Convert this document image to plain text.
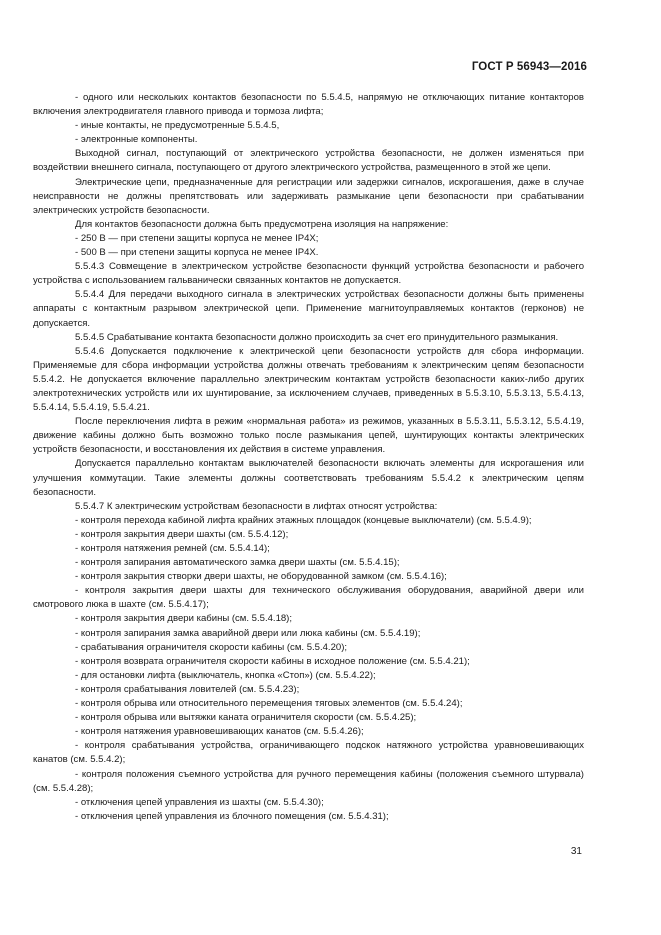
ГОСТ Р 56943—2016

- одного или нескольких контактов безопасности по 5.5.4.5, напрямую не отключающих питание контакторов включения электродвигателя главного привода и тормоза лифта;

- иные контакты, не предусмотренные 5.5.4.5,

- электронные компоненты.

Выходной сигнал, поступающий от электрического устройства безопасности, не должен изменяться при воздействии внешнего сигнала, поступающего от другого электрического устройства, размещенного в этой же цепи.

Электрические цепи, предназначенные для регистрации или задержки сигналов, искрогашения, даже в случае неисправности не должны препятствовать или задерживать размыкание цепи безопасности при срабатывании электрических устройств безопасности.

Для контактов безопасности должна быть предусмотрена изоляция на напряжение:

- 250 В — при степени защиты корпуса не менее IP4X;

- 500 В — при степени защиты корпуса не менее IP4X.

5.5.4.3 Совмещение в электрическом устройстве безопасности функций устройства безопасности и рабочего устройства с использованием гальванически связанных контактов не допускается.

5.5.4.4 Для передачи выходного сигнала в электрических устройствах безопасности должны быть применены аппараты с контактным разрывом электрической цепи. Применение магнитоуправляемых контактов (герконов) не допускается.

5.5.4.5 Срабатывание контакта безопасности должно происходить за счет его принудительного размыкания.

5.5.4.6 Допускается подключение к электрической цепи безопасности устройств для сбора информации. Применяемые для сбора информации устройства должны отвечать требованиям к электрическим цепям безопасности 5.5.4.2. Не допускается включение параллельно электрическим контактам устройств безопасности каких-либо других электротехнических устройств или их шунтирование, за исключением случаев, приведенных в 5.5.3.10, 5.5.3.13, 5.5.4.13, 5.5.4.14, 5.5.4.19, 5.5.4.21.

После переключения лифта в режим «нормальная работа» из режимов, указанных в 5.5.3.11, 5.5.3.12, 5.5.4.19, движение кабины должно быть возможно только после размыкания цепей, шунтирующих контакты электрических устройств безопасности, и восстановления их действия в системе управления.

Допускается параллельно контактам выключателей безопасности включать элементы для искрогашения или улучшения коммутации. Такие элементы должны соответствовать требованиям 5.5.4.2 к электрическим цепям безопасности.

5.5.4.7 К электрическим устройствам безопасности в лифтах относят устройства:

- контроля перехода кабиной лифта крайних этажных площадок (концевые выключатели) (см. 5.5.4.9);

- контроля закрытия двери шахты (см. 5.5.4.12);

- контроля натяжения ремней (см. 5.5.4.14);

- контроля запирания автоматического замка двери шахты (см. 5.5.4.15);

- контроля закрытия створки двери шахты, не оборудованной замком (см. 5.5.4.16);

- контроля закрытия двери шахты для технического обслуживания оборудования, аварийной двери или смотрового люка в шахте (см. 5.5.4.17);

- контроля закрытия двери кабины (см. 5.5.4.18);

- контроля запирания замка аварийной двери или люка кабины (см. 5.5.4.19);

- срабатывания ограничителя скорости кабины (см. 5.5.4.20);

- контроля возврата ограничителя скорости кабины в исходное положение (см. 5.5.4.21);

- для остановки лифта (выключатель, кнопка «Стоп») (см. 5.5.4.22);

- контроля срабатывания ловителей (см. 5.5.4.23);

- контроля обрыва или относительного перемещения тяговых элементов (см. 5.5.4.24);

- контроля обрыва или вытяжки каната ограничителя скорости (см. 5.5.4.25);

- контроля натяжения уравновешивающих канатов (см. 5.5.4.26);

- контроля срабатывания устройства, ограничивающего подскок натяжного устройства уравновешивающих канатов (см. 5.5.4.2);

- контроля положения съемного устройства для ручного перемещения кабины (положения съемного штурвала) (см. 5.5.4.28);

- отключения цепей управления из шахты (см. 5.5.4.30);

- отключения цепей управления из блочного помещения (см. 5.5.4.31);

31
